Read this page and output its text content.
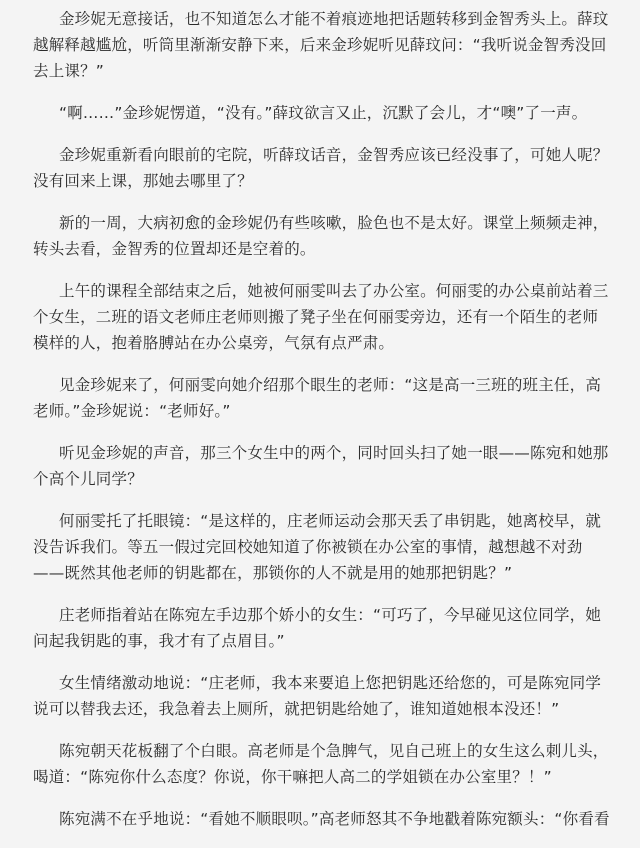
金珍妮无意接话，也不知道怎么才能不着痕迹地把话题转移到金智秀头上。薛玟越解释越尴尬，听筒里渐渐安静下来，后来金珍妮听见薛玟问：“我听说金智秀没回去上课？”

“啊……”金珍妮愣道，“没有。”薛玟欲言又止，沉默了会儿，才“噢”了一声。

金珍妮重新看向眼前的宅院，听薛玟话音，金智秀应该已经没事了，可她人呢？没有回来上课，那她去哪里了？

新的一周，大病初愈的金珍妮仍有些咳嗽，脸色也不是太好。课堂上频频走神，转头去看，金智秀的位置却还是空着的。

上午的课程全部结束之后，她被何丽雯叫去了办公室。何丽雯的办公桌前站着三个女生，二班的语文老师庄老师则搬了凳子坐在何丽雯旁边，还有一个陌生的老师模样的人，抱着胳膊站在办公桌旁，气氛有点严肃。

见金珍妮来了，何丽雯向她介绍那个眼生的老师：“这是高一三班的班主任，高老师。”金珍妮说：“老师好。”

听见金珍妮的声音，那三个女生中的两个，同时回头扫了她一眼——陈宛和她那个高个儿同学？

何丽雯托了托眼镜：“是这样的，庄老师运动会那天丢了串钥匙，她离校早，就没告诉我们。等五一假过完回校她知道了你被锁在办公室的事情，越想越不对劲——既然其他老师的钥匙都在，那锁你的人不就是用的她那把钥匙？”

庄老师指着站在陈宛左手边那个娇小的女生：“可巧了，今早碰见这位同学，她问起我钥匙的事，我才有了点眉目。”

女生情绪激动地说：“庄老师，我本来要追上您把钥匙还给您的，可是陈宛同学说可以替我去还，我急着去上厕所，就把钥匙给她了，谁知道她根本没还！”

陈宛朝天花板翻了个白眼。高老师是个急脾气，见自己班上的女生这么刺儿头，喝道：“陈宛你什么态度？你说，你干嘛把人高二的学姐锁在办公室里？！”

陈宛满不在乎地说：“看她不顺眼呗。”高老师怒其不争地戳着陈宛额头：“你看看
